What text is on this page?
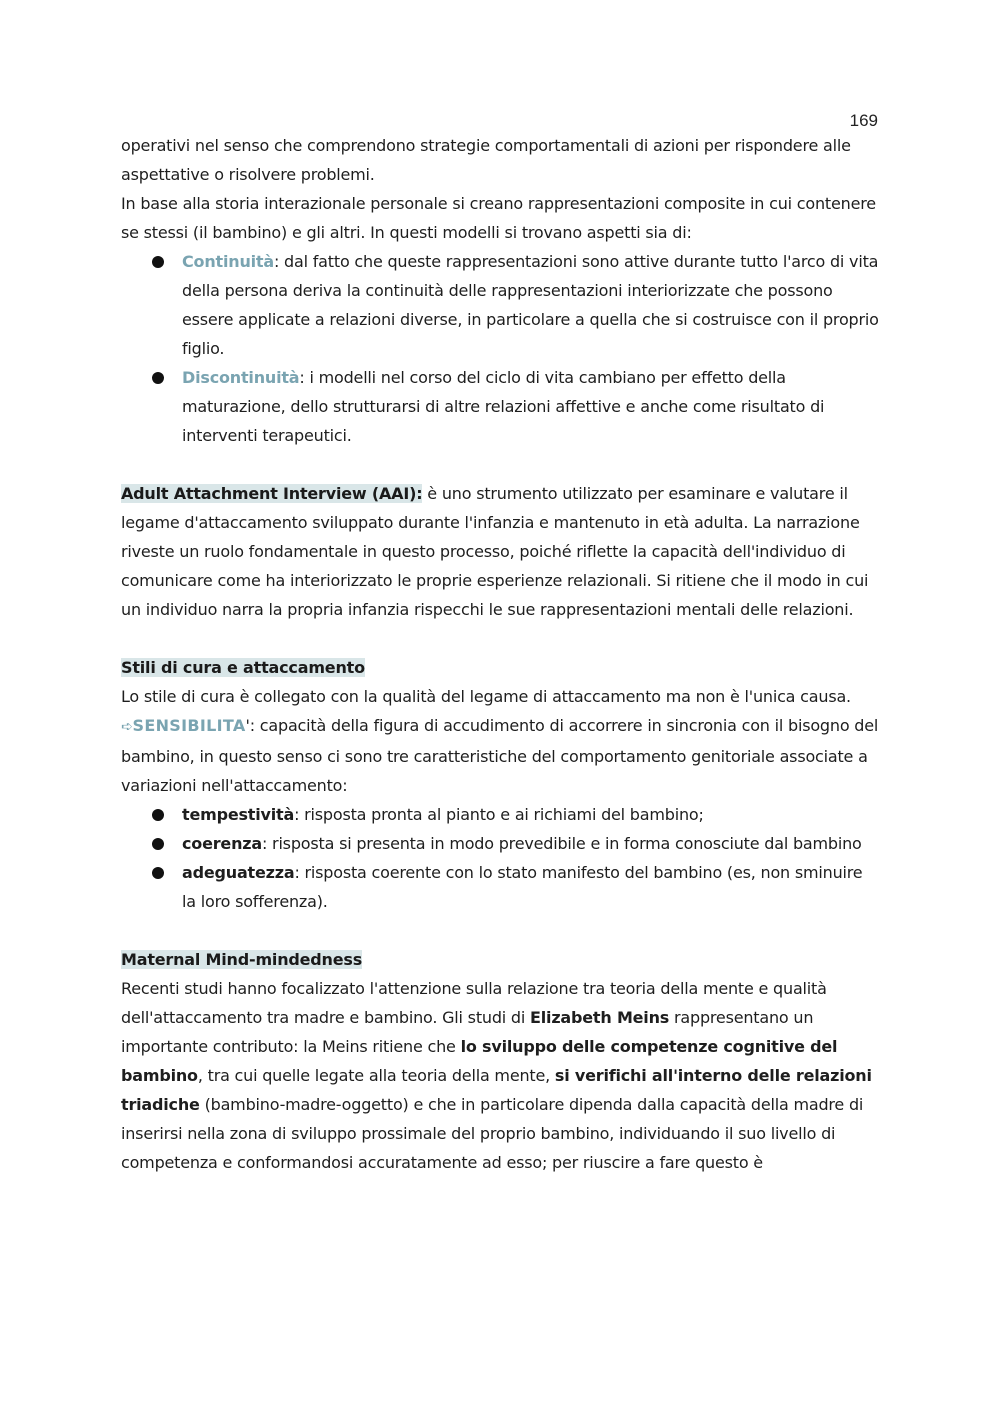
169

operativi nel senso che comprendono strategie comportamentali di azioni per rispondere alle aspettative o risolvere problemi.

In base alla storia interazionale personale si creano rappresentazioni composite in cui contenere se stessi (il bambino) e gli altri. In questi modelli si trovano aspetti sia di:

Continuità: dal fatto che queste rappresentazioni sono attive durante tutto l'arco di vita della persona deriva la continuità delle rappresentazioni interiorizzate che possono essere applicate a relazioni diverse, in particolare a quella che si costruisce con il proprio figlio.
Discontinuità: i modelli nel corso del ciclo di vita cambiano per effetto della maturazione, dello strutturarsi di altre relazioni affettive e anche come risultato di interventi terapeutici.

Adult Attachment Interview (AAI): è uno strumento utilizzato per esaminare e valutare il legame d'attaccamento sviluppato durante l'infanzia e mantenuto in età adulta. La narrazione riveste un ruolo fondamentale in questo processo, poiché riflette la capacità dell'individuo di comunicare come ha interiorizzato le proprie esperienze relazionali. Si ritiene che il modo in cui un individuo narra la propria infanzia rispecchi le sue rappresentazioni mentali delle relazioni.

Stili di cura e attaccamento

Lo stile di cura è collegato con la qualità del legame di attaccamento ma non è l'unica causa.

➪SENSIBILITA': capacità della figura di accudimento di accorrere in sincronia con il bisogno del bambino, in questo senso ci sono tre caratteristiche del comportamento genitoriale associate a variazioni nell'attaccamento:

tempestività: risposta pronta al pianto e ai richiami del bambino;
coerenza: risposta si presenta in modo prevedibile e in forma conosciute dal bambino
adeguatezza: risposta coerente con lo stato manifesto del bambino (es, non sminuire la loro sofferenza).

Maternal Mind-mindedness

Recenti studi hanno focalizzato l'attenzione sulla relazione tra teoria della mente e qualità dell'attaccamento tra madre e bambino. Gli studi di Elizabeth Meins rappresentano un importante contributo: la Meins ritiene che lo sviluppo delle competenze cognitive del bambino, tra cui quelle legate alla teoria della mente, si verifichi all'interno delle relazioni triadiche (bambino-madre-oggetto) e che in particolare dipenda dalla capacità della madre di inserirsi nella zona di sviluppo prossimale del proprio bambino, individuando il suo livello di competenza e conformandosi accuratamente ad esso; per riuscire a fare questo è
